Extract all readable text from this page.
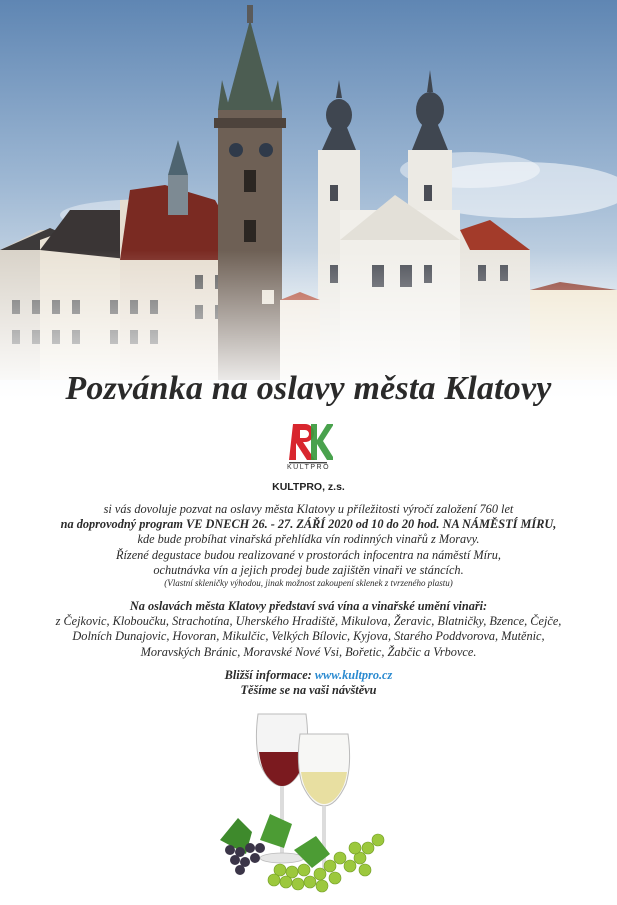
Pozvánka na oslavy města Klatovy
KULTPRO
KULTPRO, z.s.

si vás dovoluje pozvat na oslavy města Klatovy u příležitosti výročí založení 760 let

na doprovodný program VE DNECH 26. - 27. ZÁŘÍ 2020 od 10 do 20 hod. NA NÁMĚSTÍ MÍRU,

kde bude probíhat vinařská přehlídka vín rodinných vinařů z Moravy.

Řízené degustace budou realizované v prostorách infocentra na náměstí Míru,

ochutnávka vín a jejich prodej bude zajištěn vinaři ve stáncích.

(Vlastní skleničky výhodou, jinak možnost zakoupení sklenek z tvrzeného plastu)

Na oslavách města Klatovy představí svá vína a vinařské umění vinaři:

z Čejkovic, Kloboučku, Strachotína, Uherského Hradiště, Mikulova, Žeravic, Blatničky, Bzence, Čejče,

Dolních Dunajovic, Hovoran, Mikulčic, Velkých Bílovic, Kyjova, Starého Poddvorova, Mutěnic,

Moravských Bránic, Moravské Nové Vsi, Bořetic, Žabčic a Vrbovce.

Bližší informace: www.kultpro.cz

Těšíme se na vaši návštěvu
